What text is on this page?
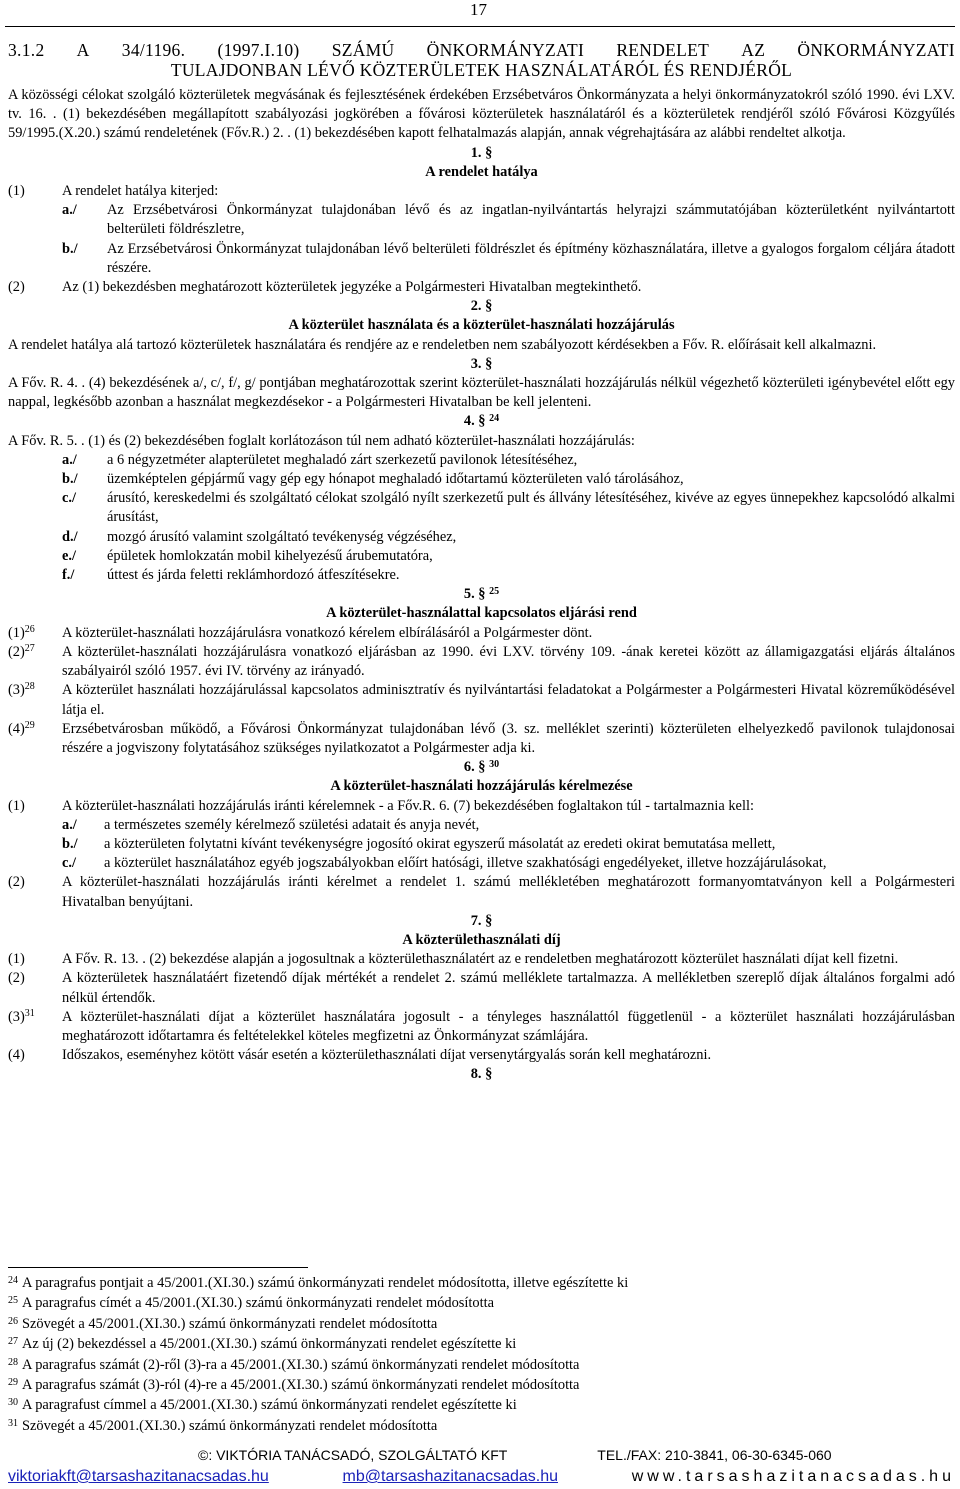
17
3.1.2 A 34/1196. (1997.I.10) SZÁMÚ ÖNKORMÁNYZATI RENDELET AZ ÖNKORMÁNYZATI
TULAJDONBAN LÉVŐ KÖZTERÜLETEK HASZNÁLATÁRÓL ÉS RENDJÉRŐL

A közösségi célokat szolgáló közterületek megvásának és fejlesztésének érdekében Erzsébetváros Önkormányzata a helyi önkormányzatokról szóló 1990. évi LXV. tv. 16. . (1) bekezdésében megállapított szabályozási jogkörében a fővárosi közterületek használatáról és a közterületek rendjéről szóló Fővárosi Közgyűlés 59/1995.(X.20.) számú rendeletének (Főv.R.) 2. . (1) bekezdésében kapott felhatalmazás alapján, annak végrehajtására az alábbi rendeltet alkotja.

1. §

A rendelet hatálya

(1)	A rendelet hatálya kiterjed:
a./	Az Erzsébetvárosi Önkormányzat tulajdonában lévő és az ingatlan-nyilvántartás helyrajzi számmutatójában közterületként nyilvántartott belterületi földrészletre,
b./	Az Erzsébetvárosi Önkormányzat tulajdonában lévő belterületi földrészlet és építmény közhasználatára, illetve a gyalogos forgalom céljára átadott részére.
(2)	Az (1) bekezdésben meghatározott közterületek jegyzéke a Polgármesteri Hivatalban megtekinthető.

2. §

A közterület használata és a közterület-használati hozzájárulás

A rendelet hatálya alá tartozó közterületek használatára és rendjére az e rendeletben nem szabályozott kérdésekben a Főv. R. előírásait kell alkalmazni.

3. §

A Főv. R. 4. . (4) bekezdésének a/, c/, f/, g/ pontjában meghatározottak szerint közterület-használati hozzájárulás nélkül végezhető közterületi igénybevétel előtt egy nappal, legkésőbb azonban a használat megkezdésekor - a Polgármesteri Hivatalban be kell jelenteni.

4. § $^{24}$

A Főv. R. 5. . (1) és (2) bekezdésében foglalt korlátozáson túl nem adható közterület-használati hozzájárulás:

a./	a 6 négyzetméter alapterületet meghaladó zárt szerkezetű pavilonok létesítéséhez,
b./	üzemképtelen gépjármű vagy gép egy hónapot meghaladó időtartamú közterületen való tárolásához,
c./	árusító, kereskedelmi és szolgáltató célokat szolgáló nyílt szerkezetű pult és állvány létesítéséhez, kivéve az egyes ünnepekhez kapcsolódó alkalmi árusítást,
d./	mozgó árusító valamint szolgáltató tevékenység végzéséhez,
e./	épületek homlokzatán mobil kihelyezésű árubemutatóra,
f./	úttest és járda feletti reklámhordozó átfeszítésekre.

5. § $^{25}$

A közterület-használattal kapcsolatos eljárási rend

$(1)^{26}$	A közterület-használati hozzájárulásra vonatkozó kérelem elbírálásáról a Polgármester dönt.
$(2)^{27}$	A közterület-használati hozzájárulásra vonatkozó eljárásban az 1990. évi LXV. törvény 109. -ának keretei között az államigazgatási eljárás általános szabályairól szóló 1957. évi IV. törvény az irányadó.
$(3)^{28}$	A közterület használati hozzájárulással kapcsolatos adminisztratív és nyilvántartási feladatokat a Polgármester a Polgármesteri Hivatal közreműködésével látja el.
$(4)^{29}$	Erzsébetvárosban működő, a Fővárosi Önkormányzat tulajdonában lévő (3. sz. melléklet szerinti) közterületen elhelyezkedő pavilonok tulajdonosai részére a jogviszony folytatásához szükséges nyilatkozatot a Polgármester adja ki.

6. § $^{30}$

A közterület-használati hozzájárulás kérelmezése

(1)	A közterület-használati hozzájárulás iránti kérelemnek - a Főv.R. 6. (7) bekezdésében foglaltakon túl - tartalmaznia kell:
a./	a természetes személy kérelmező születési adatait és anyja nevét,
b./	a közterületen folytatni kívánt tevékenységre jogosító okirat egyszerű másolatát az eredeti okirat bemutatása mellett,
c./	a közterület használatához egyéb jogszabályokban előírt hatósági, illetve szakhatósági engedélyeket, illetve hozzájárulásokat,
(2)	A közterület-használati hozzájárulás iránti kérelmet a rendelet 1. számú mellékletében meghatározott formanyomtatványon kell a Polgármesteri Hivatalban benyújtani.

7. §

A közterülethasználati díj

(1)	A Főv. R. 13. . (2) bekezdése alapján a jogosultnak a közterülethasználatért az e rendeletben meghatározott közterület használati díjat kell fizetni.
(2)	A közterületek használatáért fizetendő díjak mértékét a rendelet 2. számú melléklete tartalmazza. A mellékletben szereplő díjak általános forgalmi adó nélkül értendők.
$(3)^{31}$	A közterület-használati díjat a közterület használatára jogosult - a tényleges használattól függetlenül - a közterület használati hozzájárulásban meghatározott időtartamra és feltételekkel köteles megfizetni az Önkormányzat számlájára.
(4)	Időszakos, eseményhez kötött vásár esetén a közterülethasználati díjat versenytárgyalás során kell meghatározni.

8. §

$^{24}$ A paragrafus pontjait a 45/2001.(XI.30.) számú önkormányzati rendelet módosította, illetve egészítette ki
$^{25}$ A paragrafus címét a 45/2001.(XI.30.) számú önkormányzati rendelet módosította
$^{26}$ Szövegét a 45/2001.(XI.30.) számú önkormányzati rendelet módosította
$^{27}$ Az új (2) bekezdéssel a 45/2001.(XI.30.) számú önkormányzati rendelet egészítette ki
$^{28}$ A paragrafus számát (2)-ről (3)-ra a 45/2001.(XI.30.) számú önkormányzati rendelet módosította
$^{29}$ A paragrafus számát (3)-ról (4)-re a 45/2001.(XI.30.) számú önkormányzati rendelet módosította
$^{30}$ A paragrafust címmel a 45/2001.(XI.30.) számú önkormányzati rendelet egészítette ki
$^{31}$ Szövegét a 45/2001.(XI.30.) számú önkormányzati rendelet módosította
©: VIKTÓRIA TANÁCSADÓ, SZOLGÁLTATÓ KFT	TEL./FAX: 210-3841, 06-30-6345-060
viktoriakft@tarsashazitanacsadas.hu	mb@tarsashazitanacsadas.hu	www.tarsashazitanacsadas.hu
